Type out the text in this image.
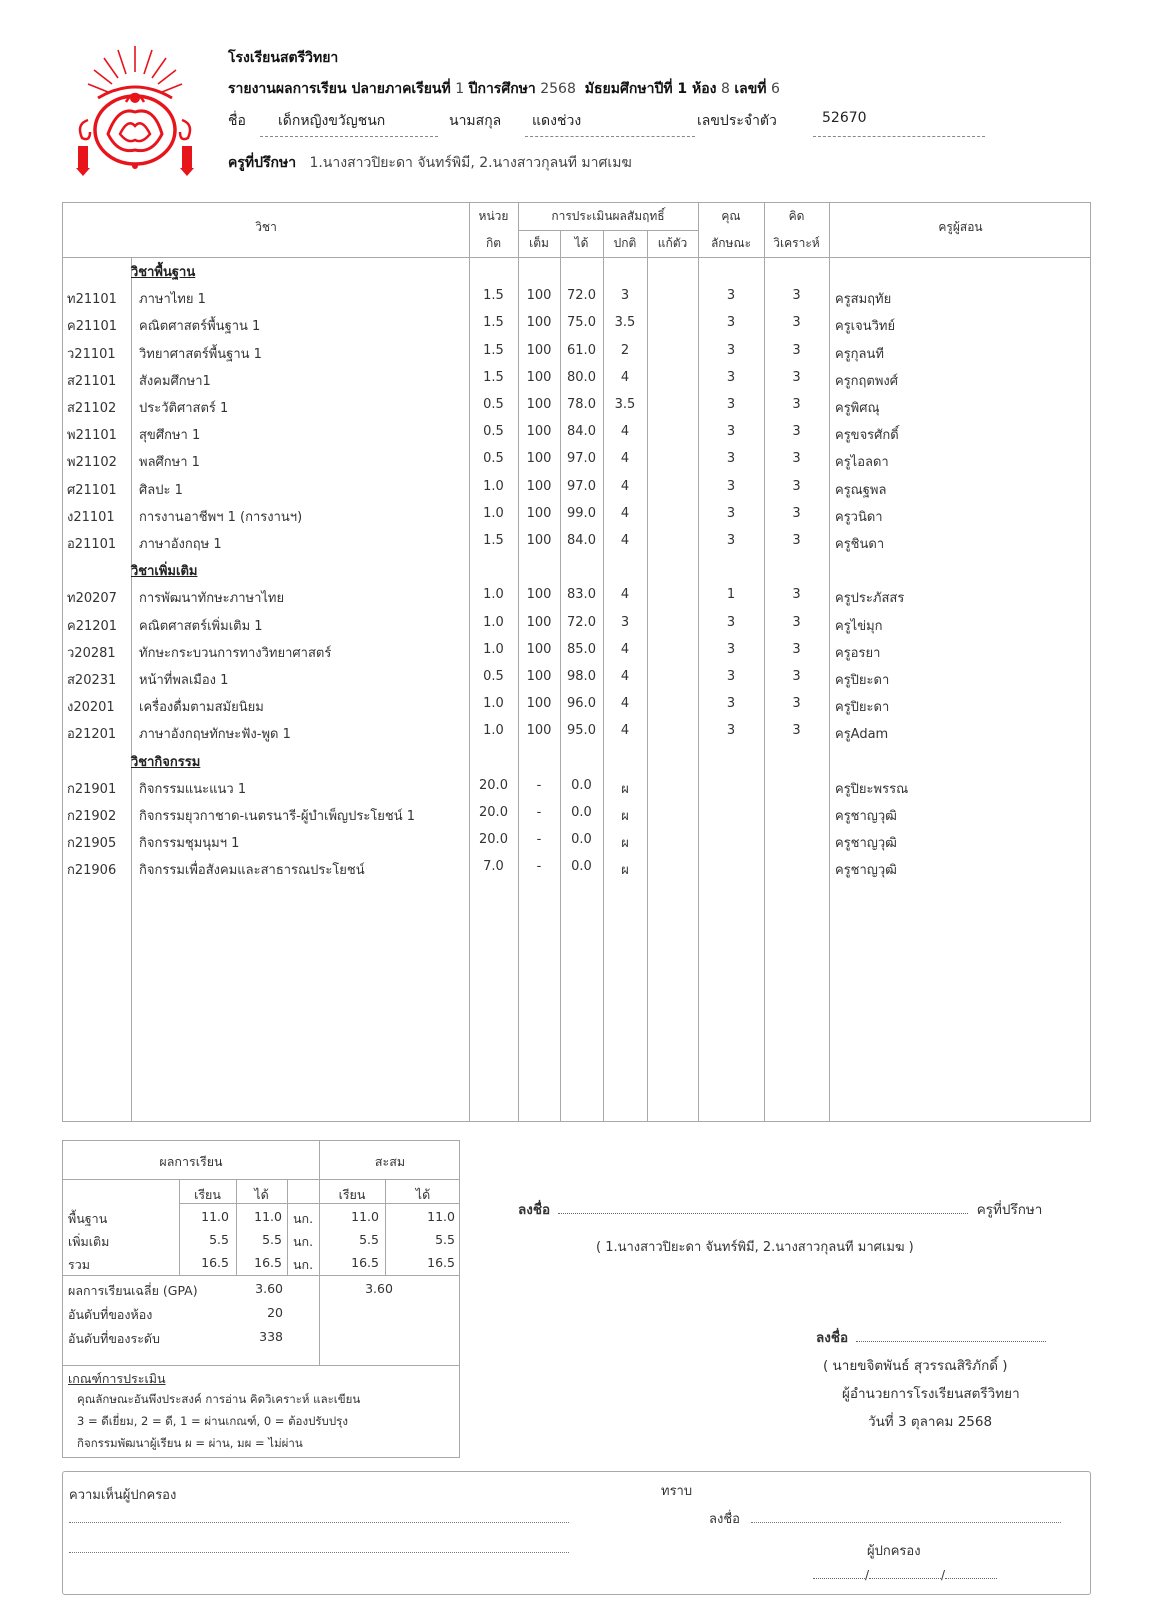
โรงเรียนสตรีวิทยา
รายงานผลการเรียน ปลายภาคเรียนที่ 1 ปีการศึกษา 2568 มัธยมศึกษาปีที่ 1 ห้อง 8 เลขที่ 6
ชื่อ เด็กหญิงขวัญชนก	นามสกุล แดงช่วง	เลขประจำตัว	52670
ครูที่ปรึกษา 1.นางสาวปิยะดา จันทร์พิมี, 2.นางสาวกุลนที มาศเมฆ
วิชา
หน่วย
กิต
การประเมินผลสัมฤทธิ์
เต็ม	ได้	ปกติ	แก้ตัว
คุณ
ลักษณะ
คิด
วิเคราะห์
ครูผู้สอน
วิชาพื้นฐาน
ท21101 ภาษาไทย 1	1.5	100	72.0	3	3	3	ครูสมฤทัย
ค21101 คณิตศาสตร์พื้นฐาน 1	1.5	100	75.0	3.5	3	3	ครูเจนวิทย์
ว21101 วิทยาศาสตร์พื้นฐาน 1	1.5	100	61.0	2	3	3	ครูกุลนที
ส21101 สังคมศึกษา1	1.5	100	80.0	4	3	3	ครูกฤตพงศ์
ส21102 ประวัติศาสตร์ 1	0.5	100	78.0	3.5	3	3	ครูพิศณุ
พ21101 สุขศึกษา 1	0.5	100	84.0	4	3	3	ครูขจรศักดิ์
พ21102 พลศึกษา 1	0.5	100	97.0	4	3	3	ครูไอลดา
ศ21101 ศิลปะ 1	1.0	100	97.0	4	3	3	ครูณฐพล
ง21101 การงานอาชีพฯ 1 (การงานฯ)	1.0	100	99.0	4	3	3	ครูวนิดา
อ21101 ภาษาอังกฤษ 1	1.5	100	84.0	4	3	3	ครูชินดา
วิชาเพิ่มเติม
ท20207 การพัฒนาทักษะภาษาไทย	1.0	100	83.0	4	1	3	ครูประภัสสร
ค21201 คณิตศาสตร์เพิ่มเติม 1	1.0	100	72.0	3	3	3	ครูไข่มุก
ว20281 ทักษะกระบวนการทางวิทยาศาสตร์	1.0	100	85.0	4	3	3	ครูอรยา
ส20231 หน้าที่พลเมือง 1	0.5	100	98.0	4	3	3	ครูปิยะดา
ง20201 เครื่องดื่มตามสมัยนิยม	1.0	100	96.0	4	3	3	ครูปิยะดา
อ21201 ภาษาอังกฤษทักษะฟัง-พูด 1	1.0	100	95.0	4	3	3	ครูAdam
วิชากิจกรรม
ก21901 กิจกรรมแนะแนว 1	20.0	-	0.0	ผ	ครูปิยะพรรณ
ก21902 กิจกรรมยุวกาชาด-เนตรนารี-ผู้บำเพ็ญประโยชน์ 1	20.0	-	0.0	ผ	ครูชาญวุฒิ
ก21905 กิจกรรมชุมนุมฯ 1	20.0	-	0.0	ผ	ครูชาญวุฒิ
ก21906 กิจกรรมเพื่อสังคมและสาธารณประโยชน์	7.0	-	0.0	ผ	ครูชาญวุฒิ
ผลการเรียน	สะสม
เรียน	ได้	เรียน	ได้
พื้นฐาน	11.0	11.0 นก.	11.0	11.0
เพิ่มเติม	5.5	5.5 นก.	5.5	5.5
รวม	16.5	16.5 นก.	16.5	16.5
ผลการเรียนเฉลี่ย (GPA)	3.60	3.60
อันดับที่ของห้อง	20
อันดับที่ของระดับ	338
เกณฑ์การประเมิน
คุณลักษณะอันพึงประสงค์ การอ่าน คิดวิเคราะห์ และเขียน
3 = ดีเยี่ยม, 2 = ดี, 1 = ผ่านเกณฑ์, 0 = ต้องปรับปรุง
กิจกรรมพัฒนาผู้เรียน ผ = ผ่าน, มผ = ไม่ผ่าน
ลงชื่อ	ครูที่ปรึกษา
( 1.นางสาวปิยะดา จันทร์พิมี, 2.นางสาวกุลนที มาศเมฆ )
ลงชื่อ
( นายขจิตพันธ์ สุวรรณสิริภักดิ์ )
ผู้อำนวยการโรงเรียนสตรีวิทยา
วันที่ 3 ตุลาคม 2568
ความเห็นผู้ปกครอง	ทราบ
ลงชื่อ
ผู้ปกครอง
/	/
